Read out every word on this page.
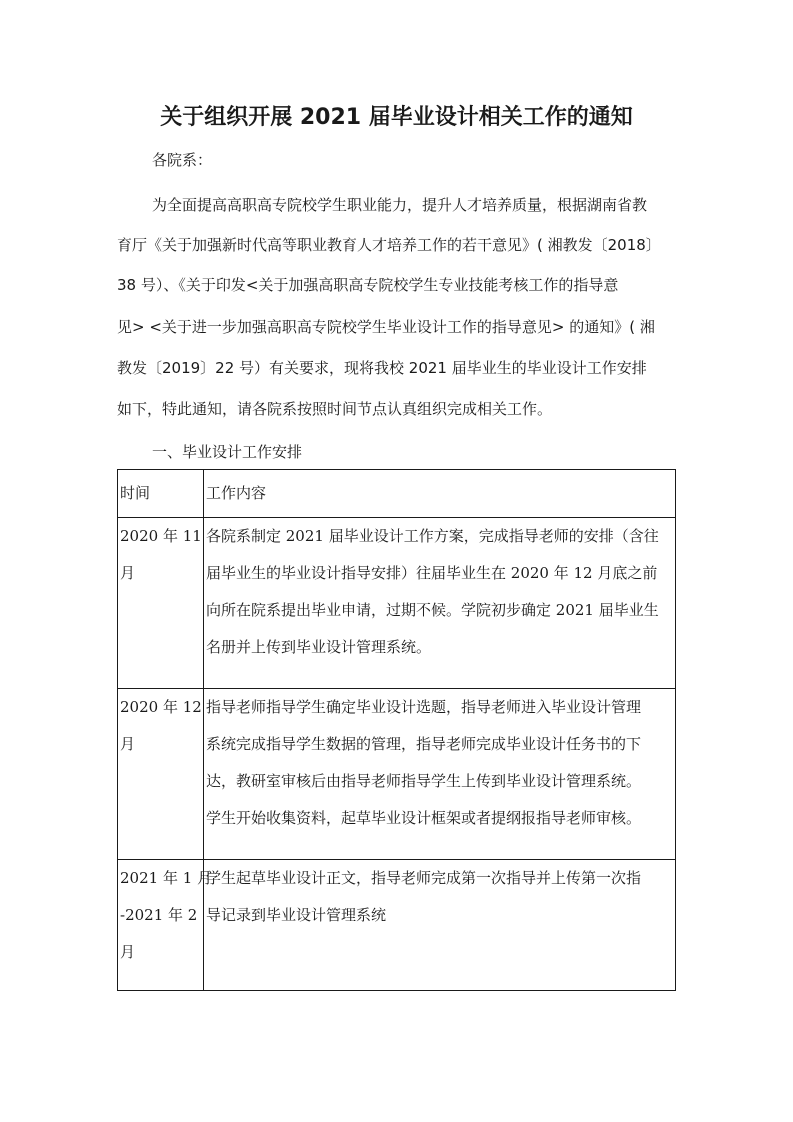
关于组织开展 2021 届毕业设计相关工作的通知
各院系：
为全面提高高职高专院校学生职业能力，提升人才培养质量，根据湖南省教
育厅《关于加强新时代高等职业教育人才培养工作的若干意见》( 湘教发〔2018〕
38 号）、《关于印发<关于加强高职高专院校学生专业技能考核工作的指导意
见> <关于进一步加强高职高专院校学生毕业设计工作的指导意见> 的通知》( 湘
教发〔2019〕22 号）有关要求，现将我校 2021 届毕业生的毕业设计工作安排
如下，特此通知，请各院系按照时间节点认真组织完成相关工作。
一、毕业设计工作安排
时间	工作内容

2020 年 11
月	各院系制定 2021 届毕业设计工作方案，完成指导老师的安排（含往
届毕业生的毕业设计指导安排）往届毕业生在 2020 年 12 月底之前
向所在院系提出毕业申请，过期不候。学院初步确定 2021 届毕业生
名册并上传到毕业设计管理系统。

2020 年 12
月	指导老师指导学生确定毕业设计选题，指导老师进入毕业设计管理
系统完成指导学生数据的管理，指导老师完成毕业设计任务书的下
达，教研室审核后由指导老师指导学生上传到毕业设计管理系统。
学生开始收集资料，起草毕业设计框架或者提纲报指导老师审核。

2021 年 1 月
-2021 年 2
月	学生起草毕业设计正文，指导老师完成第一次指导并上传第一次指
导记录到毕业设计管理系统
